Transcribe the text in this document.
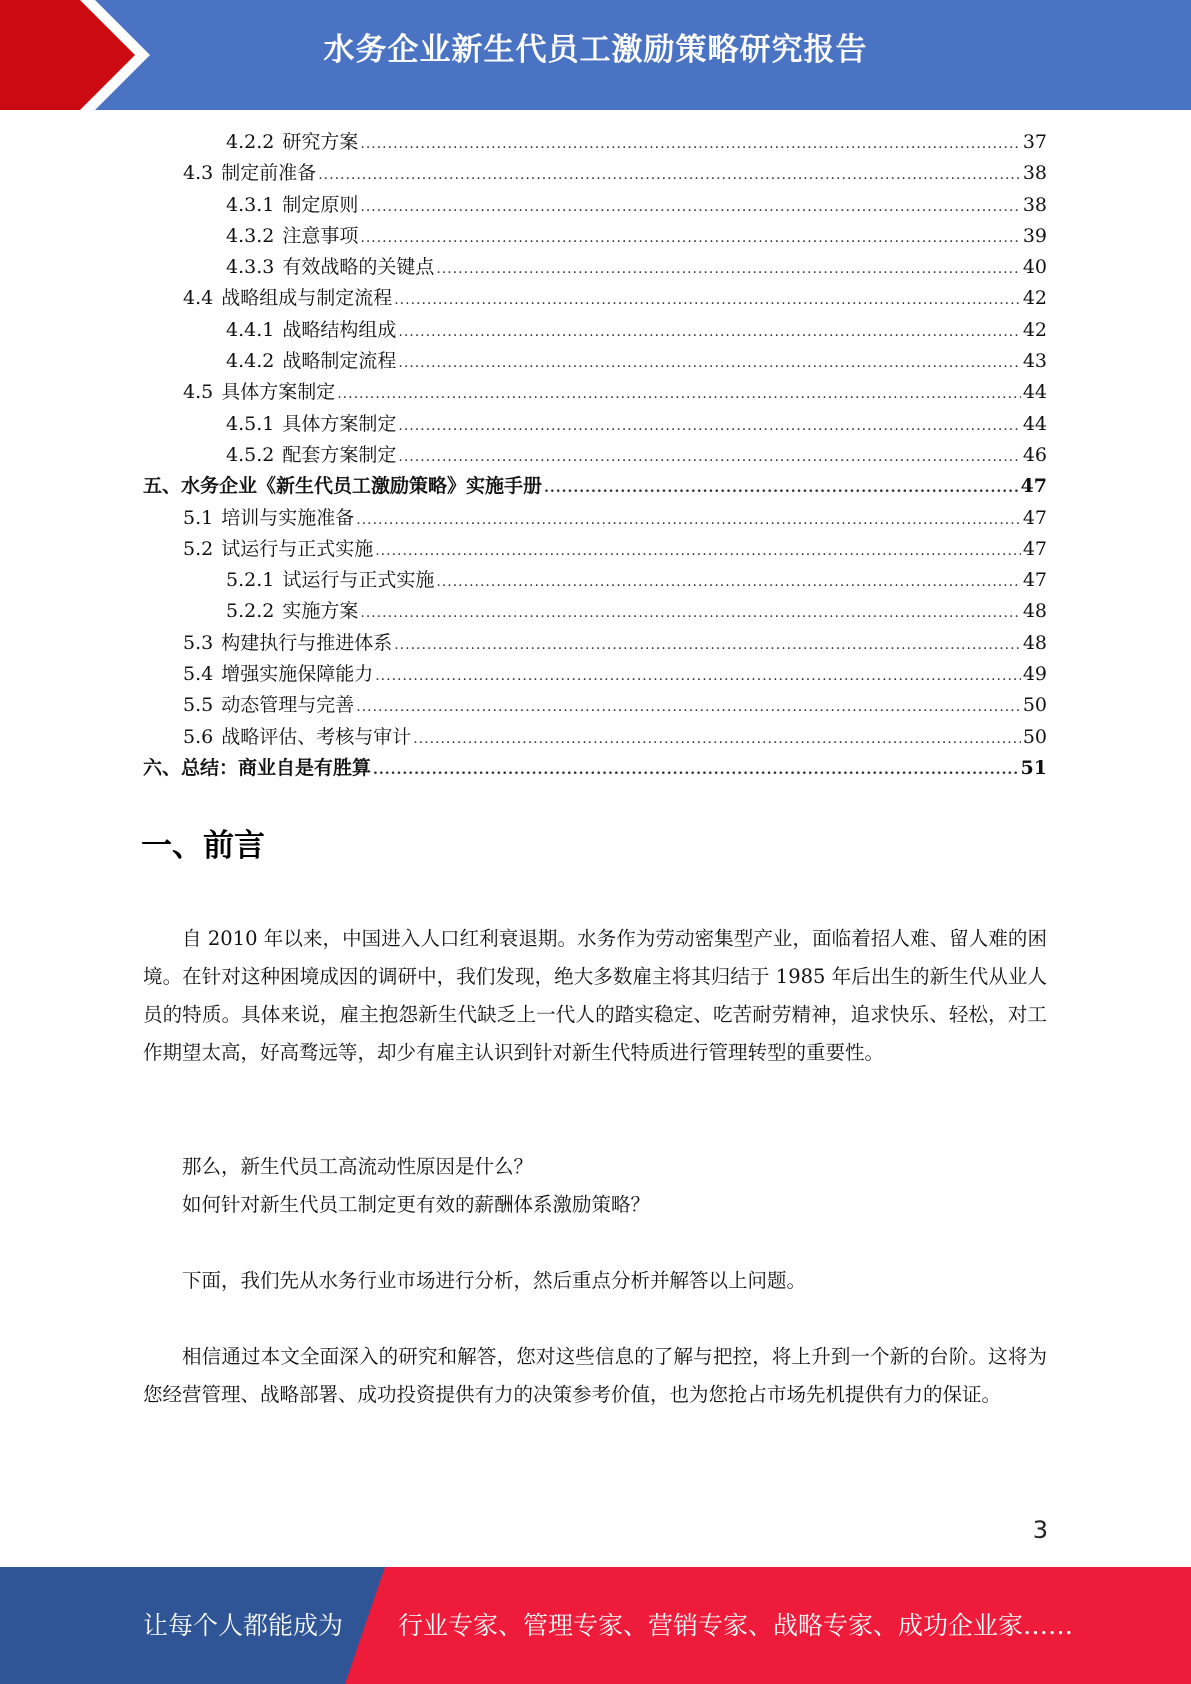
水务企业新生代员工激励策略研究报告
4.2.2 研究方案 .....	37
4.3 制定前准备 .....	38
4.3.1 制定原则 .....	38
4.3.2 注意事项 .....	39
4.3.3 有效战略的关键点 .....	40
4.4 战略组成与制定流程 .....	42
4.4.1 战略结构组成 .....	42
4.4.2 战略制定流程 .....	43
4.5 具体方案制定 .....	44
4.5.1 具体方案制定 .....	44
4.5.2 配套方案制定 .....	46
五、水务企业《新生代员工激励策略》实施手册 .....	47
5.1 培训与实施准备 .....	47
5.2 试运行与正式实施 .....	47
5.2.1 试运行与正式实施 .....	47
5.2.2 实施方案 .....	48
5.3 构建执行与推进体系 .....	48
5.4 增强实施保障能力 .....	49
5.5 动态管理与完善 .....	50
5.6 战略评估、考核与审计 .....	50
六、总结：商业自是有胜算 .....	51
一、前言

自 2010 年以来，中国进入人口红利衰退期。水务作为劳动密集型产业，面临着招人难、留人难的困境。在针对这种困境成因的调研中，我们发现，绝大多数雇主将其归结于 1985 年后出生的新生代从业人员的特质。具体来说，雇主抱怨新生代缺乏上一代人的踏实稳定、吃苦耐劳精神，追求快乐、轻松，对工作期望太高，好高骛远等，却少有雇主认识到针对新生代特质进行管理转型的重要性。

那么，新生代员工高流动性原因是什么？

如何针对新生代员工制定更有效的薪酬体系激励策略？

下面，我们先从水务行业市场进行分析，然后重点分析并解答以上问题。

相信通过本文全面深入的研究和解答，您对这些信息的了解与把控，将上升到一个新的台阶。这将为您经营管理、战略部署、成功投资提供有力的决策参考价值，也为您抢占市场先机提供有力的保证。

3
让每个人都能成为 行业专家、管理专家、营销专家、战略专家、成功企业家……
